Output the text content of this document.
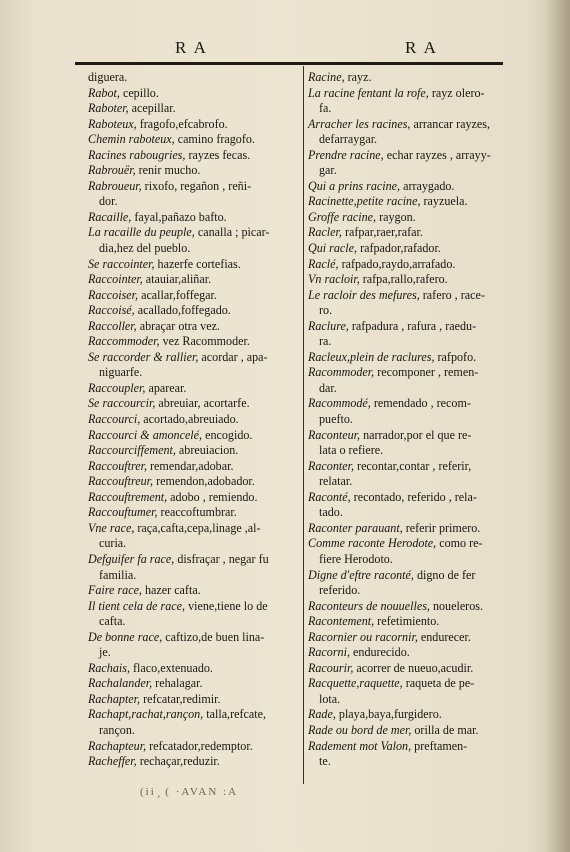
R A	R A
diguera.
Rabot, cepillo.
Raboter, acepillar.
Raboteux, fragofo,efcabrofo.
Chemin raboteux, camino fragofo.
Racines rabougries, rayzes fecas.
Rabrouër, renir mucho.
Rabroueur, rixofo, regañon , reñi-
dor.
Racaille, fayal,pañazo bafto.
La racaille du peuple, canalla ; picar-
dia,hez del pueblo.
Se raccointer, hazerfe cortefias.
Raccointer, atauiar,aliñar.
Raccoiser, acallar,foffegar.
Raccoisé, acallado,foffegado.
Raccoller, abraçar otra vez.
Raccommoder, vez Racommoder.
Se raccorder & rallier, acordar , apa-
niguarfe.
Raccoupler, aparear.
Se raccourcir, abreuiar, acortarfe.
Raccourci, acortado,abreuiado.
Raccourci & amoncelé, encogido.
Raccourciffement, abreuiacion.
Raccouftrer, remendar,adobar.
Raccouftreur, remendon,adobador.
Raccouftrement, adobo , remiendo.
Raccouftumer, reaccoftumbrar.
Vne race, raça,cafta,cepa,linage ,al-
curia.
Defguifer fa race, disfraçar , negar fu
familia.
Faire race, hazer cafta.
Il tient cela de race, viene,tiene lo de
cafta.
De bonne race, caftizo,de buen lina-
je.
Rachais, flaco,extenuado.
Rachalander, rehalagar.
Rachapter, refcatar,redimir.
Rachapt,rachat,rançon, talla,refcate,
rançon.
Rachapteur, refcatador,redemptor.
Racheffer, rechaçar,reduzir.
Racine, rayz.
La racine fentant la rofe, rayz olero-
fa.
Arracher les racines, arrancar rayzes,
defarraygar.
Prendre racine, echar rayzes , arrayy-
gar.
Qui a prins racine, arraygado.
Racinette,petite racine, rayzuela.
Groffe racine, raygon.
Racler, rafpar,raer,rafar.
Qui racle, rafpador,rafador.
Raclé, rafpado,raydo,arrafado.
Vn racloir, rafpa,rallo,rafero.
Le racloir des mefures, rafero , race-
ro.
Raclure, rafpadura , rafura , raedu-
ra.
Racleux,plein de raclures, rafpofo.
Racommoder, recomponer , remen-
dar.
Racommodé, remendado , recom-
puefto.
Raconteur, narrador,por el que re-
lata o refiere.
Raconter, recontar,contar , referir,
relatar.
Raconté, recontado, referido , rela-
tado.
Raconter parauant, referir primero.
Comme raconte Herodote, como re-
fiere Herodoto.
Digne d'eftre raconté, digno de fer
referido.
Raconteurs de nouuelles, noueleros.
Racontement, refetimiento.
Racornier ou racornir, endurecer.
Racorni, endurecido.
Racourir, acorrer de nueuo,acudir.
Racquette,raquette, raqueta de pe-
lota.
Rade, playa,baya,furgidero.
Rade ou bord de mer, orilla de mar.
Radement mot Valon, preftamen-
te.
(ii ̧ ( ·AVAN :A
